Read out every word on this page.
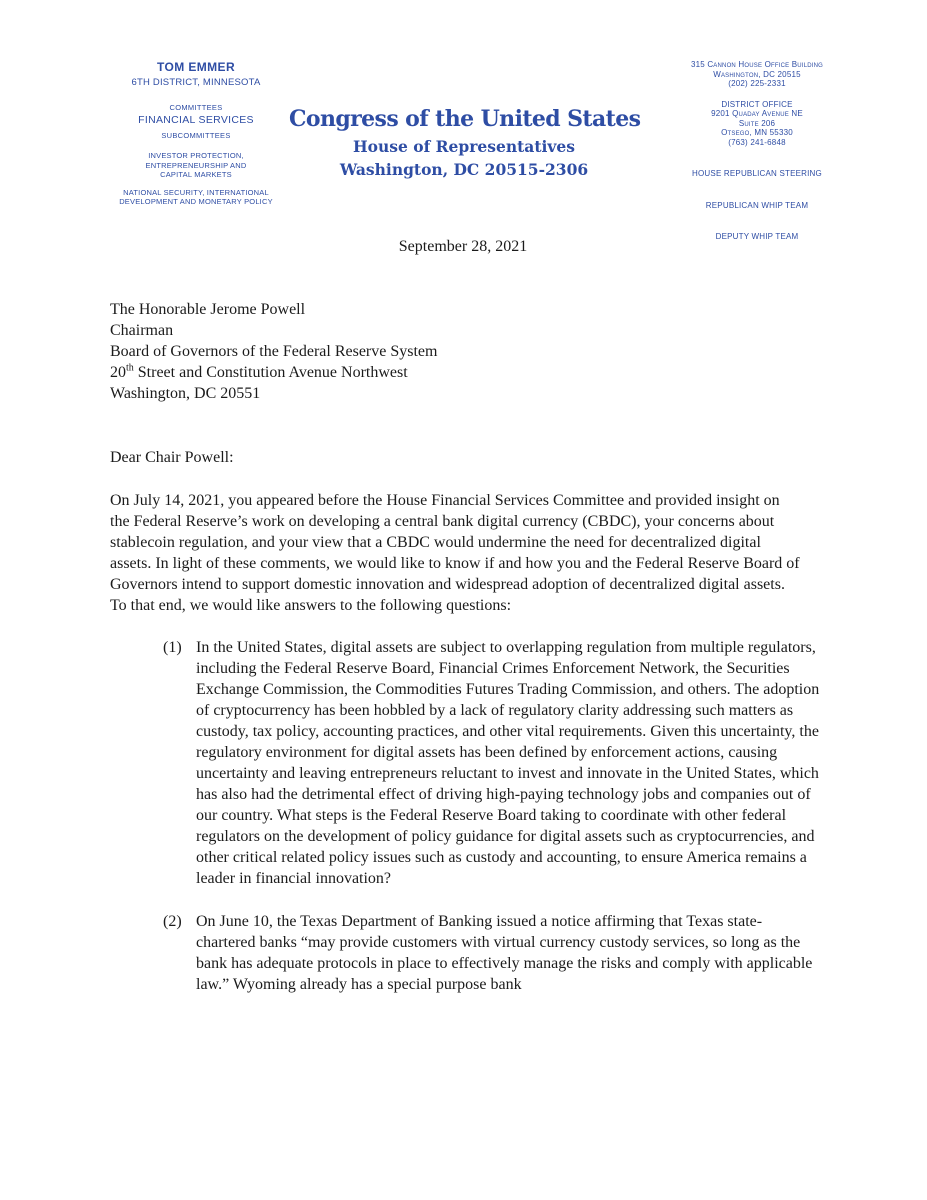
TOM EMMER
6TH DISTRICT, MINNESOTA
COMMITTEES
FINANCIAL SERVICES
SUBCOMMITTEES
INVESTOR PROTECTION,
ENTREPRENEURSHIP AND
CAPITAL MARKETS
NATIONAL SECURITY, INTERNATIONAL
DEVELOPMENT AND MONETARY POLICY
Congress of the United States
House of Representatives
Washington, DC 20515-2306
315 Cannon House Office Building
Washington, DC 20515
(202) 225-2331
DISTRICT OFFICE
9201 Quaday Avenue NE
Suite 206
Otsego, MN 55330
(763) 241-6848
HOUSE REPUBLICAN STEERING
REPUBLICAN WHIP TEAM
DEPUTY WHIP TEAM
September 28, 2021
The Honorable Jerome Powell
Chairman
Board of Governors of the Federal Reserve System
20th Street and Constitution Avenue Northwest
Washington, DC 20551

Dear Chair Powell:

On July 14, 2021, you appeared before the House Financial Services Committee and provided insight on the Federal Reserve’s work on developing a central bank digital currency (CBDC), your concerns about stablecoin regulation, and your view that a CBDC would undermine the need for decentralized digital assets. In light of these comments, we would like to know if and how you and the Federal Reserve Board of Governors intend to support domestic innovation and widespread adoption of decentralized digital assets. To that end, we would like answers to the following questions:

(1) In the United States, digital assets are subject to overlapping regulation from multiple regulators, including the Federal Reserve Board, Financial Crimes Enforcement Network, the Securities Exchange Commission, the Commodities Futures Trading Commission, and others. The adoption of cryptocurrency has been hobbled by a lack of regulatory clarity addressing such matters as custody, tax policy, accounting practices, and other vital requirements. Given this uncertainty, the regulatory environment for digital assets has been defined by enforcement actions, causing uncertainty and leaving entrepreneurs reluctant to invest and innovate in the United States, which has also had the detrimental effect of driving high-paying technology jobs and companies out of our country. What steps is the Federal Reserve Board taking to coordinate with other federal regulators on the development of policy guidance for digital assets such as cryptocurrencies, and other critical related policy issues such as custody and accounting, to ensure America remains a leader in financial innovation?
(2) On June 10, the Texas Department of Banking issued a notice affirming that Texas state-chartered banks “may provide customers with virtual currency custody services, so long as the bank has adequate protocols in place to effectively manage the risks and comply with applicable law.” Wyoming already has a special purpose bank
